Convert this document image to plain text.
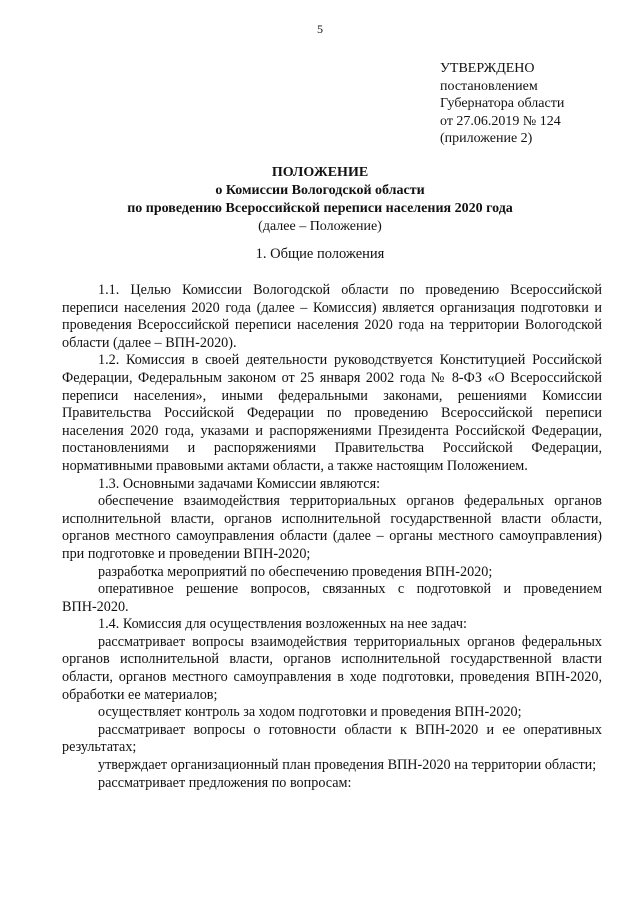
5
УТВЕРЖДЕНО
постановлением
Губернатора области
от 27.06.2019 № 124
(приложение 2)
ПОЛОЖЕНИЕ
о Комиссии Вологодской области
по проведению Всероссийской переписи населения 2020 года
(далее – Положение)
1. Общие положения

1.1. Целью Комиссии Вологодской области по проведению Всероссийской переписи населения 2020 года (далее – Комиссия) является организация подготовки и проведения Всероссийской переписи населения 2020 года на территории Вологодской области (далее – ВПН-2020).

1.2. Комиссия в своей деятельности руководствуется Конституцией Российской Федерации, Федеральным законом от 25 января 2002 года № 8-ФЗ «О Всероссийской переписи населения», иными федеральными законами, решениями Комиссии Правительства Российской Федерации по проведению Всероссийской переписи населения 2020 года, указами и распоряжениями Президента Российской Федерации, постановлениями и распоряжениями Правительства Российской Федерации, нормативными правовыми актами области, а также настоящим Положением.

1.3. Основными задачами Комиссии являются:

обеспечение взаимодействия территориальных органов федеральных органов исполнительной власти, органов исполнительной государственной власти области, органов местного самоуправления области (далее – органы местного самоуправления) при подготовке и проведении ВПН-2020;

разработка мероприятий по обеспечению проведения ВПН-2020;

оперативное решение вопросов, связанных с подготовкой и проведением ВПН-2020.

1.4. Комиссия для осуществления возложенных на нее задач:

рассматривает вопросы взаимодействия территориальных органов федеральных органов исполнительной власти, органов исполнительной государственной власти области, органов местного самоуправления в ходе подготовки, проведения ВПН-2020, обработки ее материалов;

осуществляет контроль за ходом подготовки и проведения ВПН-2020;

рассматривает вопросы о готовности области к ВПН-2020 и ее оперативных результатах;

утверждает организационный план проведения ВПН-2020 на территории области;

рассматривает предложения по вопросам:
